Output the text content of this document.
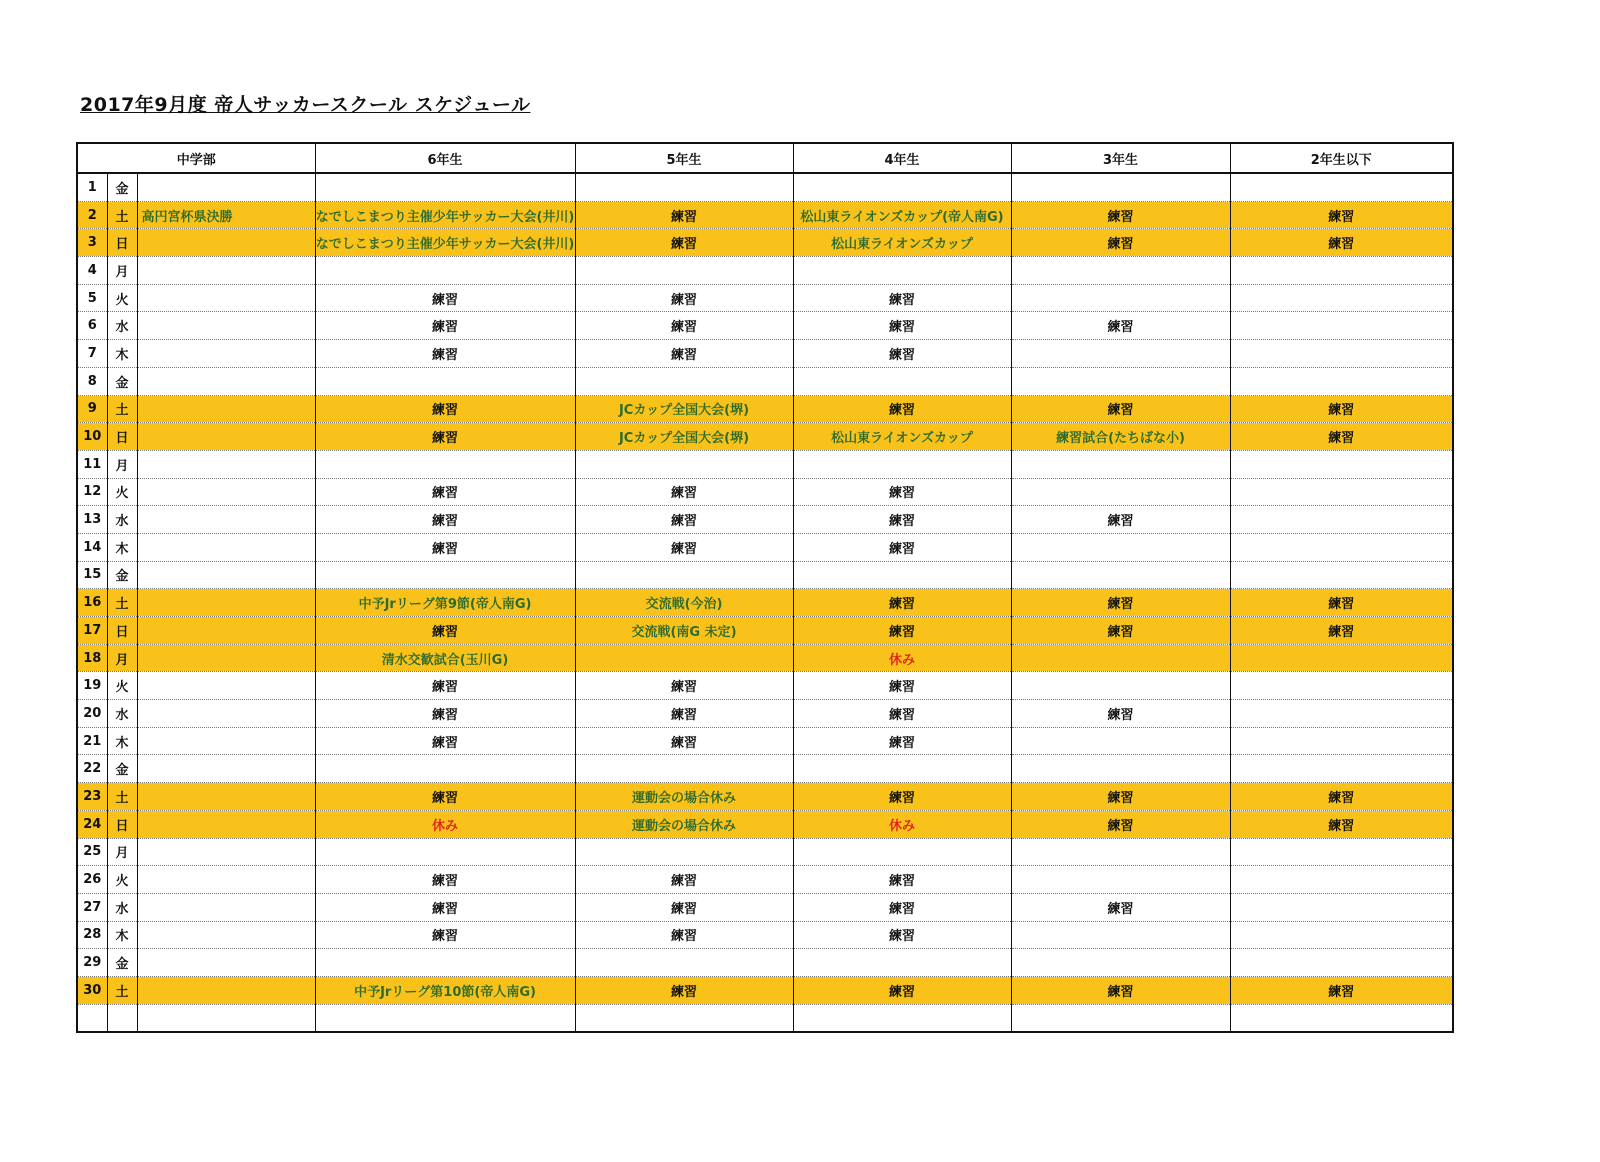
2017年9月度 帝人サッカースクール スケジュール
中学部			6年生	5年生	4年生	3年生	2年生以下
1	金						
2	土	高円宮杯県決勝	なでしこまつり主催少年サッカー大会(井川)	練習	松山東ライオンズカップ(帝人南G)	練習	練習
3	日		なでしこまつり主催少年サッカー大会(井川)	練習	松山東ライオンズカップ	練習	練習
4	月						
5	火		練習	練習	練習		
6	水		練習	練習	練習	練習	
7	木		練習	練習	練習		
8	金						
9	土		練習	JCカップ全国大会(堺)	練習	練習	練習
10	日		練習	JCカップ全国大会(堺)	松山東ライオンズカップ	練習試合(たちばな小)	練習
11	月						
12	火		練習	練習	練習		
13	水		練習	練習	練習	練習	
14	木		練習	練習	練習		
15	金						
16	土		中予Jrリーグ第9節(帝人南G)	交流戦(今治)	練習	練習	練習
17	日		練習	交流戦(南G 未定)	練習	練習	練習
18	月		清水交歓試合(玉川G)		休み		
19	火		練習	練習	練習		
20	水		練習	練習	練習	練習	
21	木		練習	練習	練習		
22	金						
23	土		練習	運動会の場合休み	練習	練習	練習
24	日		休み	運動会の場合休み	休み	練習	練習
25	月						
26	火		練習	練習	練習		
27	水		練習	練習	練習	練習	
28	木		練習	練習	練習		
29	金						
30	土		中予Jrリーグ第10節(帝人南G)	練習	練習	練習	練習
